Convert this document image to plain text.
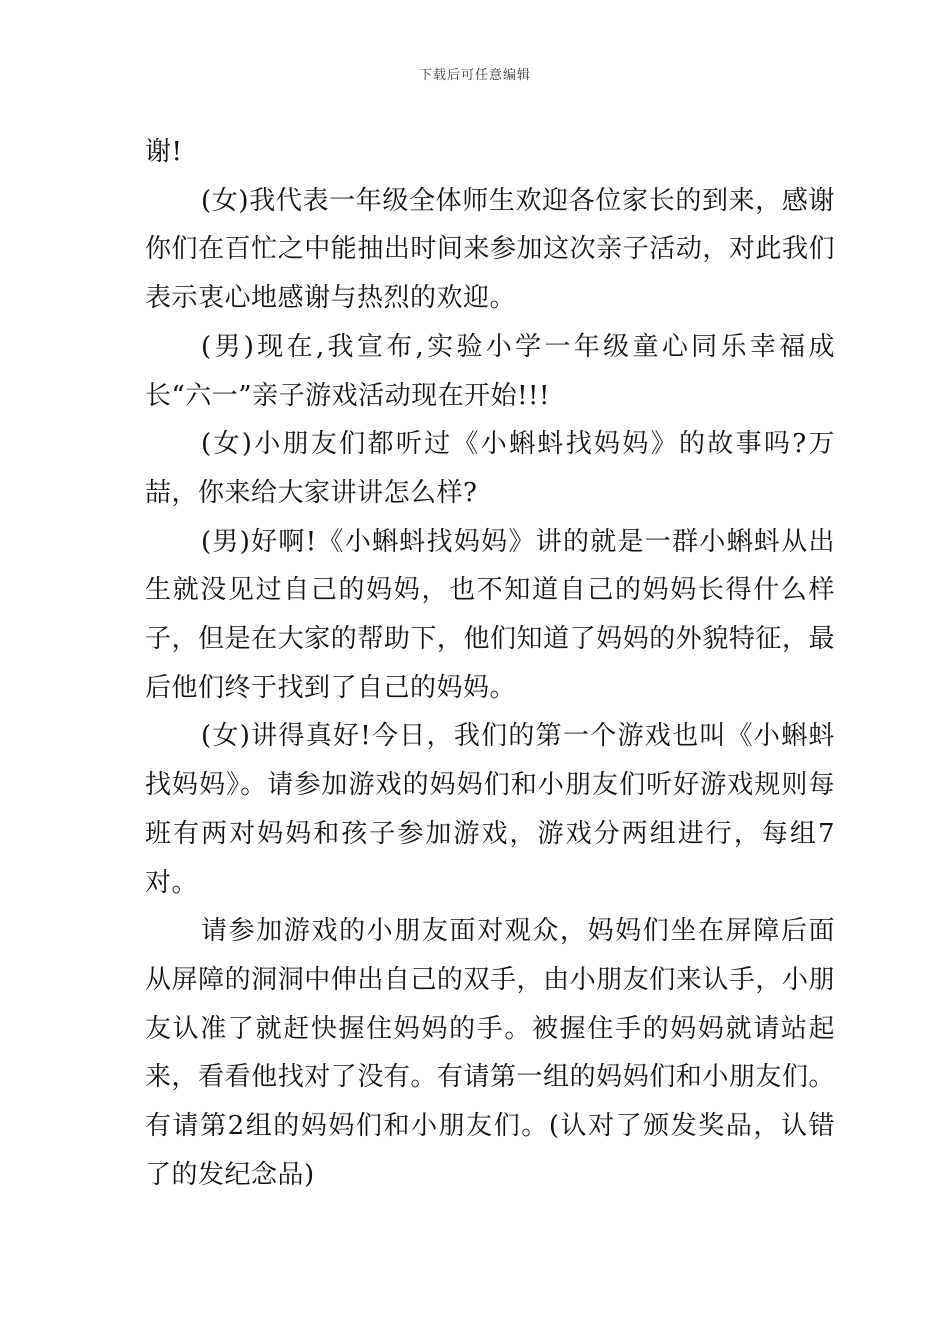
下载后可任意编辑

谢!

(女)我代表一年级全体师生欢迎各位家长的到来，感谢你们在百忙之中能抽出时间来参加这次亲子活动，对此我们表示衷心地感谢与热烈的欢迎。

(男)现在,我宣布,实验小学一年级童心同乐幸福成长“六一”亲子游戏活动现在开始!!!

(女)小朋友们都听过《小蝌蚪找妈妈》的故事吗?万喆，你来给大家讲讲怎么样?

(男)好啊!《小蝌蚪找妈妈》讲的就是一群小蝌蚪从出生就没见过自己的妈妈，也不知道自己的妈妈长得什么样子，但是在大家的帮助下，他们知道了妈妈的外貌特征，最后他们终于找到了自己的妈妈。

(女)讲得真好!今日，我们的第一个游戏也叫《小蝌蚪找妈妈》。请参加游戏的妈妈们和小朋友们听好游戏规则每班有两对妈妈和孩子参加游戏，游戏分两组进行，每组7对。

请参加游戏的小朋友面对观众，妈妈们坐在屏障后面从屏障的洞洞中伸出自己的双手，由小朋友们来认手，小朋友认准了就赶快握住妈妈的手。被握住手的妈妈就请站起来，看看他找对了没有。有请第一组的妈妈们和小朋友们。有请第2组的妈妈们和小朋友们。(认对了颁发奖品，认错了的发纪念品)
